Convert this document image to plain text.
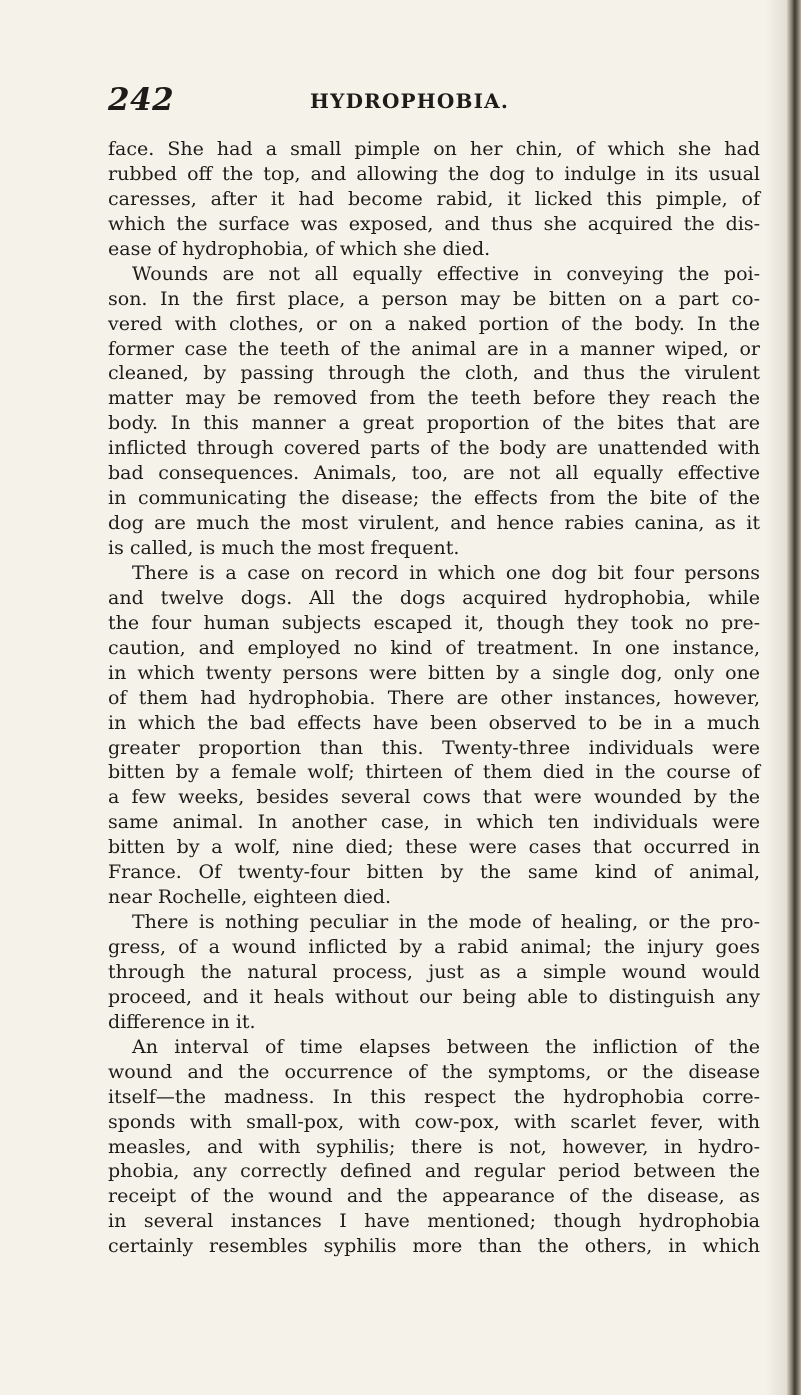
242	HYDROPHOBIA.
face. She had a small pimple on her chin, of which she had
rubbed off the top, and allowing the dog to indulge in its usual
caresses, after it had become rabid, it licked this pimple, of
which the surface was exposed, and thus she acquired the dis-
ease of hydrophobia, of which she died.
Wounds are not all equally effective in conveying the poi-
son. In the first place, a person may be bitten on a part co-
vered with clothes, or on a naked portion of the body. In the
former case the teeth of the animal are in a manner wiped, or
cleaned, by passing through the cloth, and thus the virulent
matter may be removed from the teeth before they reach the
body. In this manner a great proportion of the bites that are
inflicted through covered parts of the body are unattended with
bad consequences. Animals, too, are not all equally effective
in communicating the disease; the effects from the bite of the
dog are much the most virulent, and hence rabies canina, as it
is called, is much the most frequent.
There is a case on record in which one dog bit four persons
and twelve dogs. All the dogs acquired hydrophobia, while
the four human subjects escaped it, though they took no pre-
caution, and employed no kind of treatment. In one instance,
in which twenty persons were bitten by a single dog, only one
of them had hydrophobia. There are other instances, however,
in which the bad effects have been observed to be in a much
greater proportion than this. Twenty-three individuals were
bitten by a female wolf; thirteen of them died in the course of
a few weeks, besides several cows that were wounded by the
same animal. In another case, in which ten individuals were
bitten by a wolf, nine died; these were cases that occurred in
France. Of twenty-four bitten by the same kind of animal,
near Rochelle, eighteen died.
There is nothing peculiar in the mode of healing, or the pro-
gress, of a wound inflicted by a rabid animal; the injury goes
through the natural process, just as a simple wound would
proceed, and it heals without our being able to distinguish any
difference in it.
An interval of time elapses between the infliction of the
wound and the occurrence of the symptoms, or the disease
itself—the madness. In this respect the hydrophobia corre-
sponds with small-pox, with cow-pox, with scarlet fever, with
measles, and with syphilis; there is not, however, in hydro-
phobia, any correctly defined and regular period between the
receipt of the wound and the appearance of the disease, as
in several instances I have mentioned; though hydrophobia
certainly resembles syphilis more than the others, in which
